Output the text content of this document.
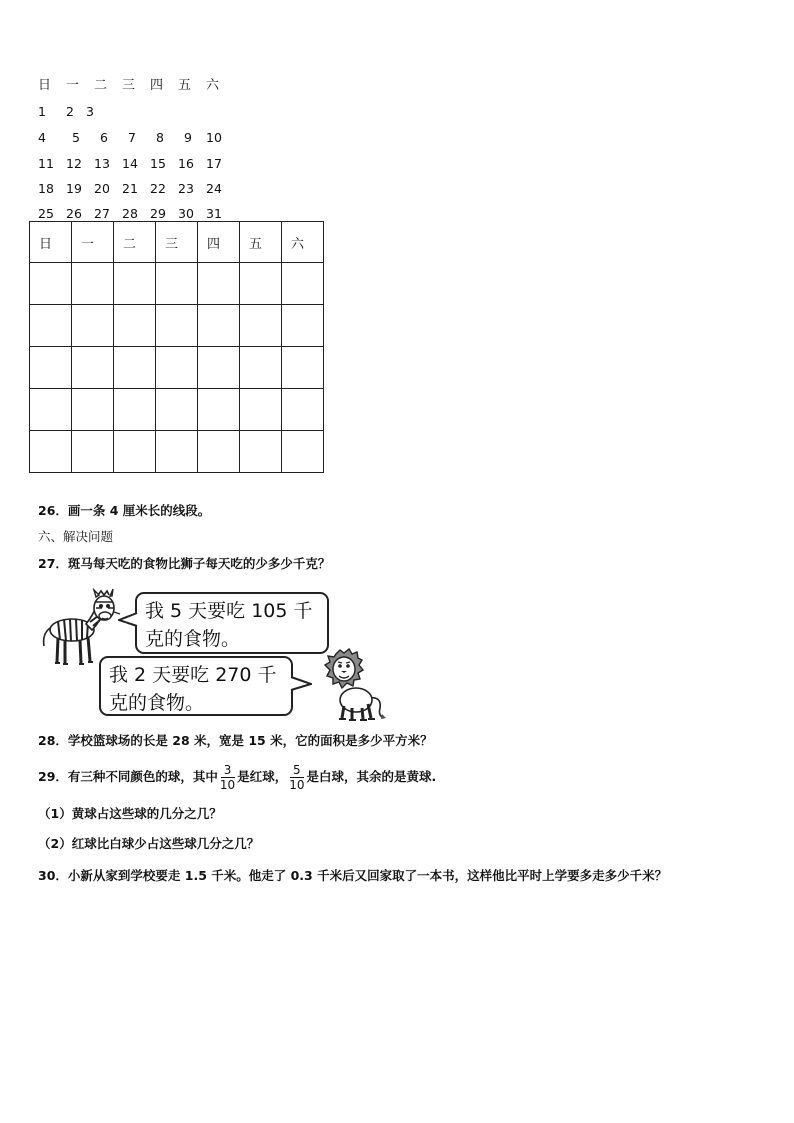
日 一 二 三 四 五 六
1 2 3
4 5 6 7 8 9 10
11 12 13 14 15 16 17
18 19 20 21 22 23 24
25 26 27 28 29 30 31
日	一	二	三	四	五	六

26．画一条 4 厘米长的线段。
六、解决问题
27．斑马每天吃的食物比狮子每天吃的少多少千克？
我 5 天要吃 105 千
克的食物。
我 2 天要吃 270 千
克的食物。
28．学校篮球场的长是 28 米，宽是 15 米，它的面积是多少平方米？
29．有三种不同颜色的球，其中 $\frac{3}{10}$ 是红球， $\frac{5}{10}$ 是白球，其余的是黄球.
（1）黄球占这些球的几分之几？
（2）红球比白球少占这些球几分之几？
30．小新从家到学校要走 1.5 千米。他走了 0.3 千米后又回家取了一本书，这样他比平时上学要多走多少千米？
